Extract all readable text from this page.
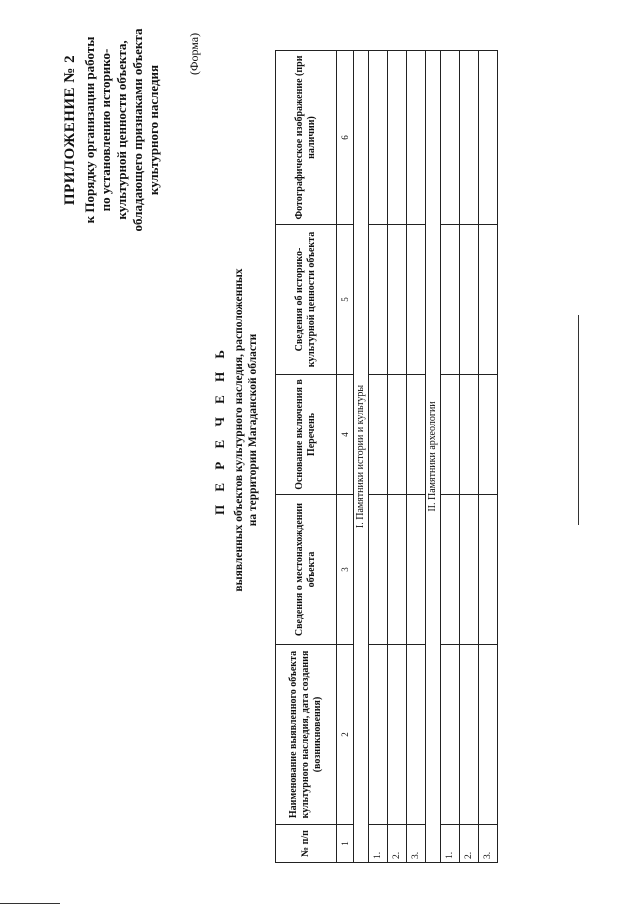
ПРИЛОЖЕНИЕ № 2 к Порядку организации работы по установлению историко- культурной ценности объекта, обладающего признаками объекта культурного наследия
(Форма)
П Е Р Е Ч Е Н Ь выявленных объектов культурного наследия, расположенных на территории Магаданской области
№ п/п	Наименование выявленного объекта культурного наследия, дата создания (возникновения)	Сведения о местонахождении объекта	Основание включения в Перечень	Сведения об историко-культурной ценности объекта	Фотографическое изображение (при наличии)
1	2	3	4	5	6
I. Памятники истории и культуры					
1.					
2.					
3.					
II. Памятники археологии					
1.					
2.					
3.					
